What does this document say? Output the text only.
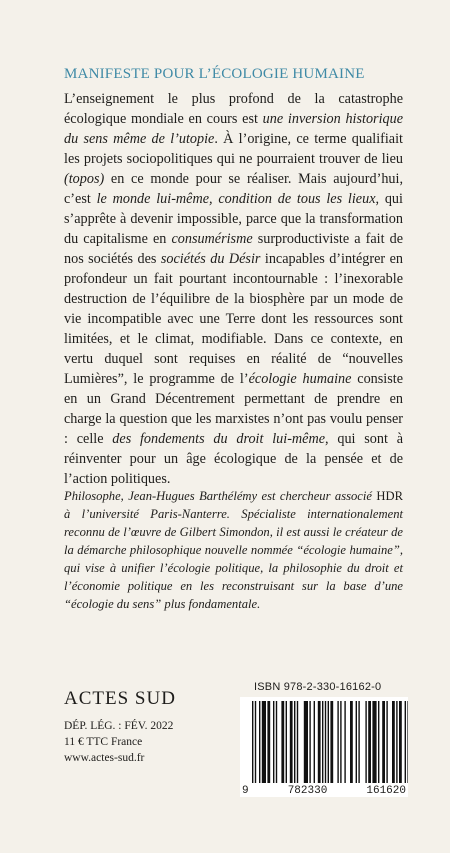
MANIFESTE POUR L’ÉCOLOGIE HUMAINE
L’enseignement le plus profond de la catastrophe écologique mondiale en cours est une inversion historique du sens même de l’utopie. À l’origine, ce terme qualifiait les projets sociopolitiques qui ne pourraient trouver de lieu (topos) en ce monde pour se réaliser. Mais aujourd’hui, c’est le monde lui-même, condition de tous les lieux, qui s’apprête à devenir impossible, parce que la transformation du capitalisme en consumérisme surproductiviste a fait de nos sociétés des sociétés du Désir incapables d’intégrer en profondeur un fait pourtant incontournable : l’inexorable destruction de l’équilibre de la biosphère par un mode de vie incompatible avec une Terre dont les ressources sont limitées, et le climat, modifiable. Dans ce contexte, en vertu duquel sont requises en réalité de “nouvelles Lumières”, le programme de l’écologie humaine consiste en un Grand Décentrement permettant de prendre en charge la question que les marxistes n’ont pas voulu penser : celle des fondements du droit lui-même, qui sont à réinventer pour un âge écologique de la pensée et de l’action politiques.
Philosophe, Jean-Hugues Barthélémy est chercheur associé HDR à l’université Paris-Nanterre. Spécialiste internationalement reconnu de l’œuvre de Gilbert Simondon, il est aussi le créateur de la démarche philosophique nouvelle nommée “écologie humaine”, qui vise à unifier l’écologie politique, la philosophie du droit et l’économie politique en les reconstruisant sur la base d’une “écologie du sens” plus fondamentale.
ACTES SUD
DÉP. LÉG. : FÉV. 2022
11 € TTC France
www.actes-sud.fr
ISBN 978-2-330-16162-0
9	782330	161620
